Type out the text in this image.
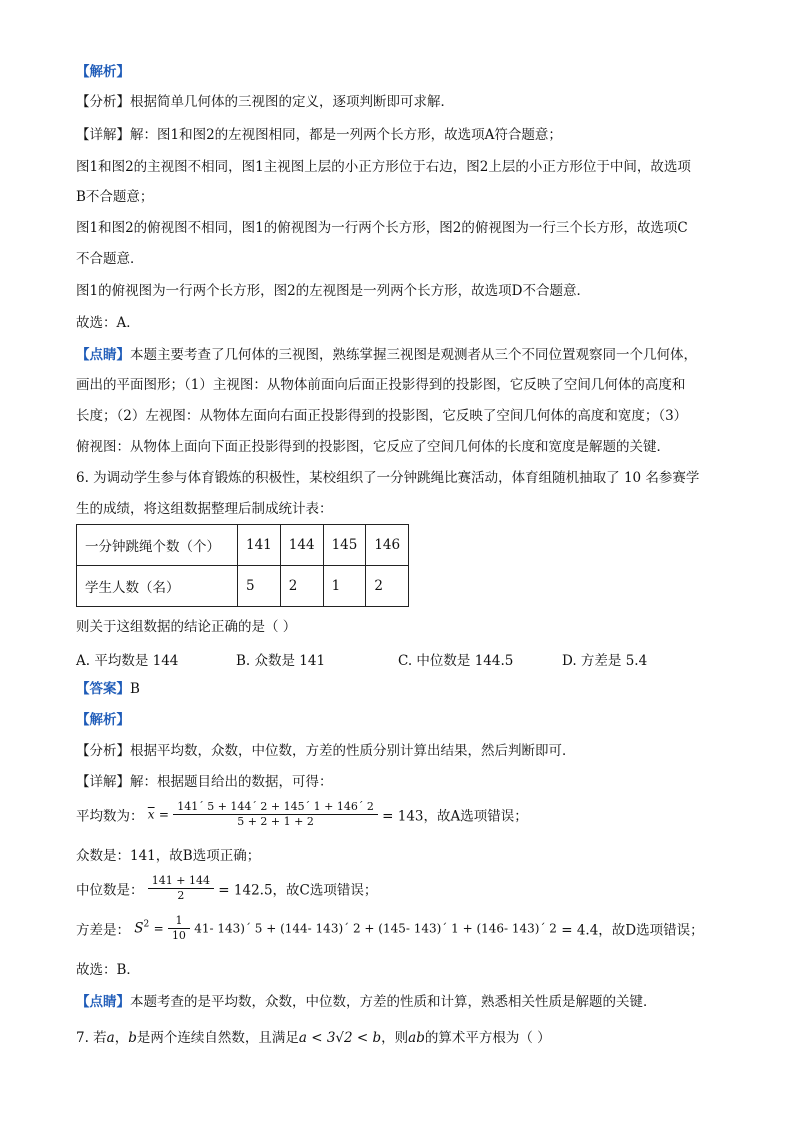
【解析】
【分析】根据简单几何体的三视图的定义，逐项判断即可求解．
【详解】解：图1和图2的左视图相同，都是一列两个长方形，故选项A符合题意；
图1和图2的主视图不相同，图1主视图上层的小正方形位于右边，图2上层的小正方形位于中间，故选项
B不合题意；
图1和图2的俯视图不相同，图1的俯视图为一行两个长方形，图2的俯视图为一行三个长方形，故选项C
不合题意．
图1的俯视图为一行两个长方形，图2的左视图是一列两个长方形，故选项D不合题意．
故选：A．
【点睛】本题主要考查了几何体的三视图，熟练掌握三视图是观测者从三个不同位置观察同一个几何体，
画出的平面图形；（1）主视图：从物体前面向后面正投影得到的投影图，它反映了空间几何体的高度和
长度；（2）左视图：从物体左面向右面正投影得到的投影图，它反映了空间几何体的高度和宽度；（3）
俯视图：从物体上面向下面正投影得到的投影图，它反应了空间几何体的长度和宽度是解题的关键．
6. 为调动学生参与体育锻炼的积极性，某校组织了一分钟跳绳比赛活动，体育组随机抽取了 10 名参赛学
生的成绩，将这组数据整理后制成统计表：
一分钟跳绳个数（个）	141	144	145	146
学生人数（名）	5	2	1	2
则关于这组数据的结论正确的是（ ）
A. 平均数是 144	B. 众数是 141	C. 中位数是 144.5	D. 方差是 5.4
【答案】B
【解析】
【分析】根据平均数，众数，中位数，方差的性质分别计算出结果，然后判断即可．
【详解】解：根据题目给出的数据，可得：
平均数为： $\overline{x} = \frac{141´ 5 + 144´ 2 + 145´ 1 + 146´ 2}{5 + 2 + 1 + 2} = 143$，故A选项错误；
众数是：141，故B选项正确；
中位数是： $\frac{141 + 144}{2} = 142.5$，故C选项错误；
方差是： $S^2 = \frac{1}{10} 41-$ 143)´ 5 + (144- 143)´ 2 + (145- 143)´ 1 + (146- 143)´ 2 = 4.4，故D选项错误；
故选：B．
【点睛】本题考查的是平均数，众数，中位数，方差的性质和计算，熟悉相关性质是解题的关键．
7. 若a，b是两个连续自然数，且满足a < 3√2 < b，则ab的算术平方根为（ ）
